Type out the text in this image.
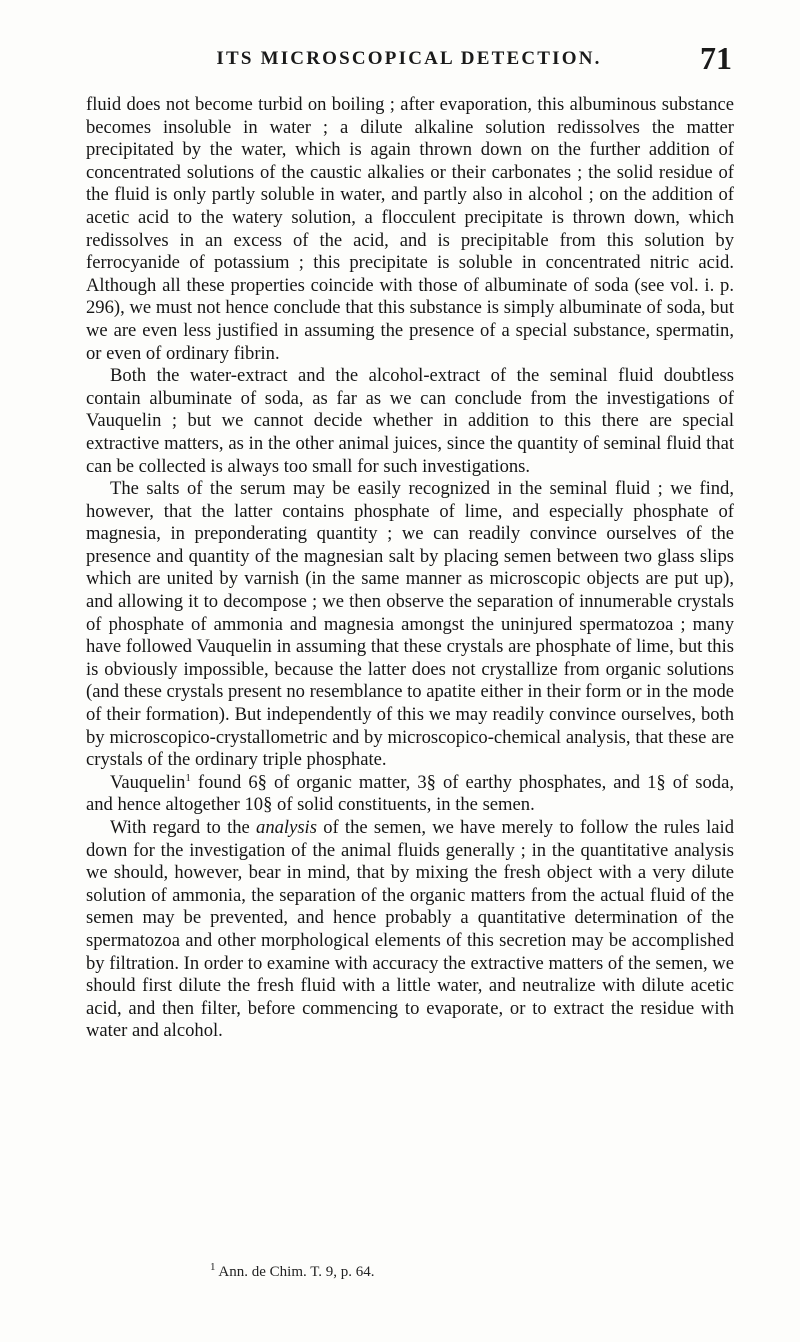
ITS MICROSCOPICAL DETECTION.	71

fluid does not become turbid on boiling ; after evaporation, this albuminous substance becomes insoluble in water ; a dilute alkaline solution redissolves the matter precipitated by the water, which is again thrown down on the further addition of concentrated solutions of the caustic alkalies or their carbonates ; the solid residue of the fluid is only partly soluble in water, and partly also in alcohol ; on the addition of acetic acid to the watery solution, a flocculent precipitate is thrown down, which redissolves in an excess of the acid, and is precipitable from this solution by ferrocyanide of potassium ; this precipitate is soluble in concentrated nitric acid. Although all these properties coincide with those of albuminate of soda (see vol. i. p. 296), we must not hence conclude that this substance is simply albuminate of soda, but we are even less justified in assuming the presence of a special substance, spermatin, or even of ordinary fibrin.

Both the water-extract and the alcohol-extract of the seminal fluid doubtless contain albuminate of soda, as far as we can conclude from the investigations of Vauquelin ; but we cannot decide whether in addition to this there are special extractive matters, as in the other animal juices, since the quantity of seminal fluid that can be collected is always too small for such investigations.

The salts of the serum may be easily recognized in the seminal fluid ; we find, however, that the latter contains phosphate of lime, and especially phosphate of magnesia, in preponderating quantity ; we can readily convince ourselves of the presence and quantity of the magnesian salt by placing semen between two glass slips which are united by varnish (in the same manner as microscopic objects are put up), and allowing it to decompose ; we then observe the separation of innumerable crystals of phosphate of ammonia and magnesia amongst the uninjured spermatozoa ; many have followed Vauquelin in assuming that these crystals are phosphate of lime, but this is obviously impossible, because the latter does not crystallize from organic solutions (and these crystals present no resemblance to apatite either in their form or in the mode of their formation). But independently of this we may readily convince ourselves, both by microscopico-crystallometric and by microscopico-chemical analysis, that these are crystals of the ordinary triple phosphate.

Vauquelin$^1$ found 6§ of organic matter, 3§ of earthy phosphates, and 1§ of soda, and hence altogether 10§ of solid constituents, in the semen.

With regard to the analysis of the semen, we have merely to follow the rules laid down for the investigation of the animal fluids generally ; in the quantitative analysis we should, however, bear in mind, that by mixing the fresh object with a very dilute solution of ammonia, the separation of the organic matters from the actual fluid of the semen may be prevented, and hence probably a quantitative determination of the spermatozoa and other morphological elements of this secretion may be accomplished by filtration. In order to examine with accuracy the extractive matters of the semen, we should first dilute the fresh fluid with a little water, and neutralize with dilute acetic acid, and then filter, before commencing to evaporate, or to extract the residue with water and alcohol.

$^1$ Ann. de Chim. T. 9, p. 64.
